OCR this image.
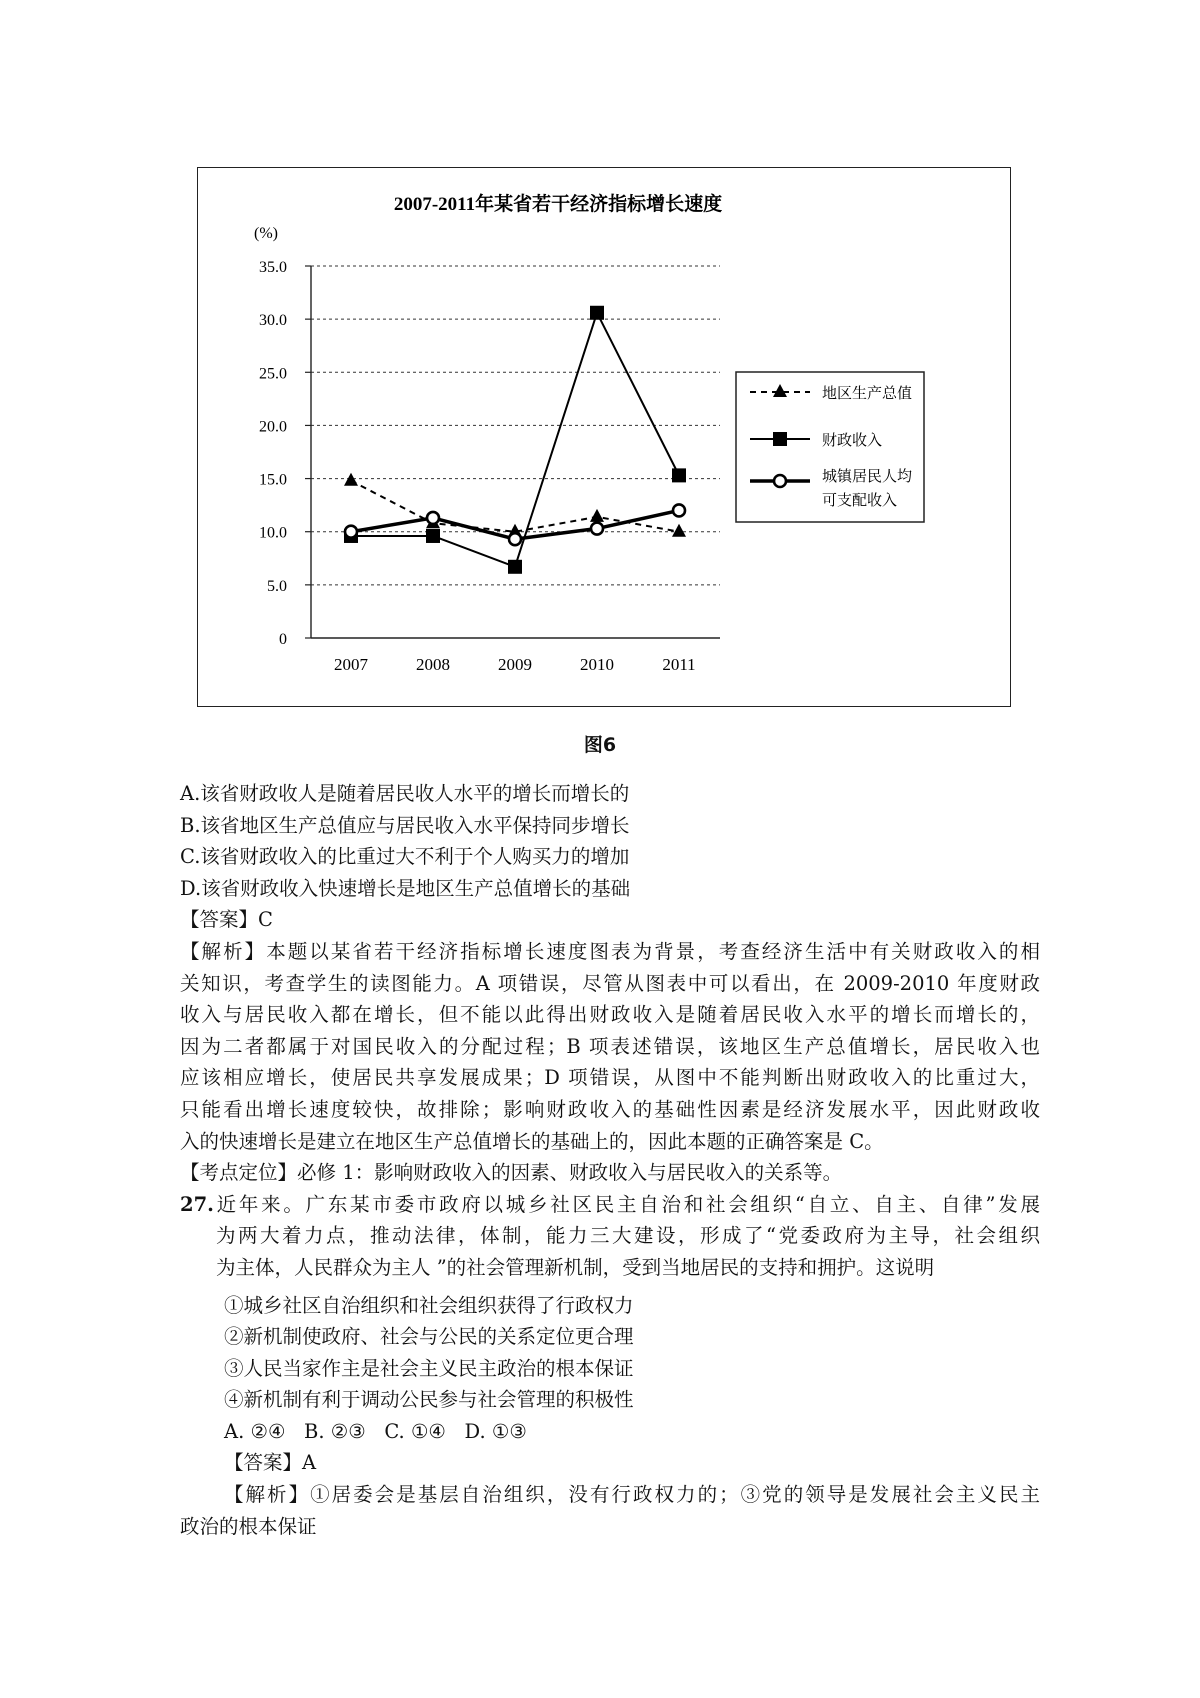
2007-2011年某省若干经济指标增长速度
(%)
0
5.0
10.0
15.0
20.0
25.0
30.0
35.0
2007	2008	2009	2010	2011
地区生产总值
财政收入
城镇居民人均
可支配收入
图6
A.该省财政收人是随着居民收人水平的增长而增长的
B.该省地区生产总值应与居民收入水平保持同步增长
C.该省财政收入的比重过大不利于个人购买力的增加
D.该省财政收入快速增长是地区生产总值增长的基础
【答案】C
【解析】本题以某省若干经济指标增长速度图表为背景，考查经济生活中有关财政收入的相
关知识，考查学生的读图能力。A 项错误，尽管从图表中可以看出，在 2009-2010 年度财政
收入与居民收入都在增长，但不能以此得出财政收入是随着居民收入水平的增长而增长的，
因为二者都属于对国民收入的分配过程；B 项表述错误，该地区生产总值增长，居民收入也
应该相应增长，使居民共享发展成果；D 项错误，从图中不能判断出财政收入的比重过大，
只能看出增长速度较快，故排除；影响财政收入的基础性因素是经济发展水平，因此财政收
入的快速增长是建立在地区生产总值增长的基础上的，因此本题的正确答案是 C。
【考点定位】必修 1：影响财政收入的因素、财政收入与居民收入的关系等。
27.近年来。广东某市委市政府以城乡社区民主自治和社会组织“自立、自主、自律”发展
为两大着力点，推动法律，体制，能力三大建设，形成了“党委政府为主导，社会组织
为主体，人民群众为主人 ”的社会管理新机制，受到当地居民的支持和拥护。这说明
①城乡社区自治组织和社会组织获得了行政权力
②新机制使政府、社会与公民的关系定位更合理
③人民当家作主是社会主义民主政治的根本保证
④新机制有利于调动公民参与社会管理的积极性
A. ②④   B. ②③   C. ①④   D. ①③
【答案】A
【解析】①居委会是基层自治组织，没有行政权力的；③党的领导是发展社会主义民主
政治的根本保证
